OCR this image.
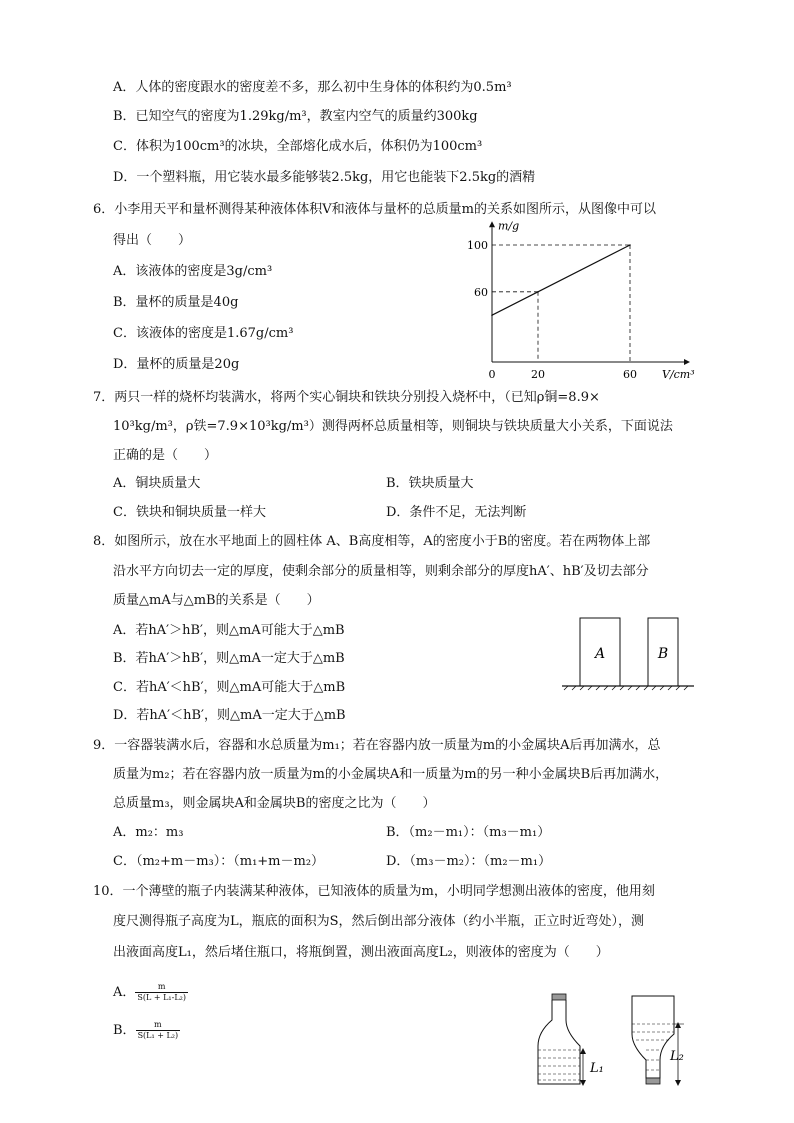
A．人体的密度跟水的密度差不多，那么初中生身体的体积约为0.5m³
B．已知空气的密度为1.29kg/m³，教室内空气的质量约300kg
C．体积为100cm³的冰块，全部熔化成水后，体积仍为100cm³
D．一个塑料瓶，用它装水最多能够装2.5kg，用它也能装下2.5kg的酒精
6．小李用天平和量杯测得某种液体体积V和液体与量杯的总质量m的关系如图所示，从图像中可以
得出（　　）
A．该液体的密度是3g/cm³
B．量杯的质量是40g
C．该液体的密度是1.67g/cm³
D．量杯的质量是20g
m/g
V/cm³
0	20	60
60
100
7．两只一样的烧杯均装满水，将两个实心铜块和铁块分别投入烧杯中，（已知ρ铜=8.9×
10³kg/m³，ρ铁=7.9×10³kg/m³）测得两杯总质量相等，则铜块与铁块质量大小关系，下面说法
正确的是（　　）
A．铜块质量大	B．铁块质量大
C．铁块和铜块质量一样大	D．条件不足，无法判断
8．如图所示，放在水平地面上的圆柱体 A、B高度相等，A的密度小于B的密度。若在两物体上部
沿水平方向切去一定的厚度，使剩余部分的质量相等，则剩余部分的厚度hA′、hB′及切去部分
质量△mA与△mB的关系是（　　）
A．若hA′＞hB′，则△mA可能大于△mB
B．若hA′＞hB′，则△mA一定大于△mB
C．若hA′＜hB′，则△mA可能大于△mB
D．若hA′＜hB′，则△mA一定大于△mB
A	B
9．一容器装满水后，容器和水总质量为m₁；若在容器内放一质量为m的小金属块A后再加满水，总
质量为m₂；若在容器内放一质量为m的小金属块A和一质量为m的另一种小金属块B后再加满水，
总质量m₃，则金属块A和金属块B的密度之比为（　　）
A．m₂：m₃	B．（m₂－m₁）：（m₃－m₁）
C．（m₂+m－m₃）：（m₁+m－m₂）	D．（m₃－m₂）：（m₂－m₁）
10．一个薄壁的瓶子内装满某种液体，已知液体的质量为m，小明同学想测出液体的密度，他用刻
度尺测得瓶子高度为L，瓶底的面积为S，然后倒出部分液体（约小半瓶，正立时近弯处），测
出液面高度L₁，然后堵住瓶口，将瓶倒置，测出液面高度L₂，则液体的密度为（　　）
A． $\frac{m}{\text{S(L + L₁-L₂)}}$
B． $\frac{m}{\text{S(L₁ + L₂)}}$
L₁
L₂
